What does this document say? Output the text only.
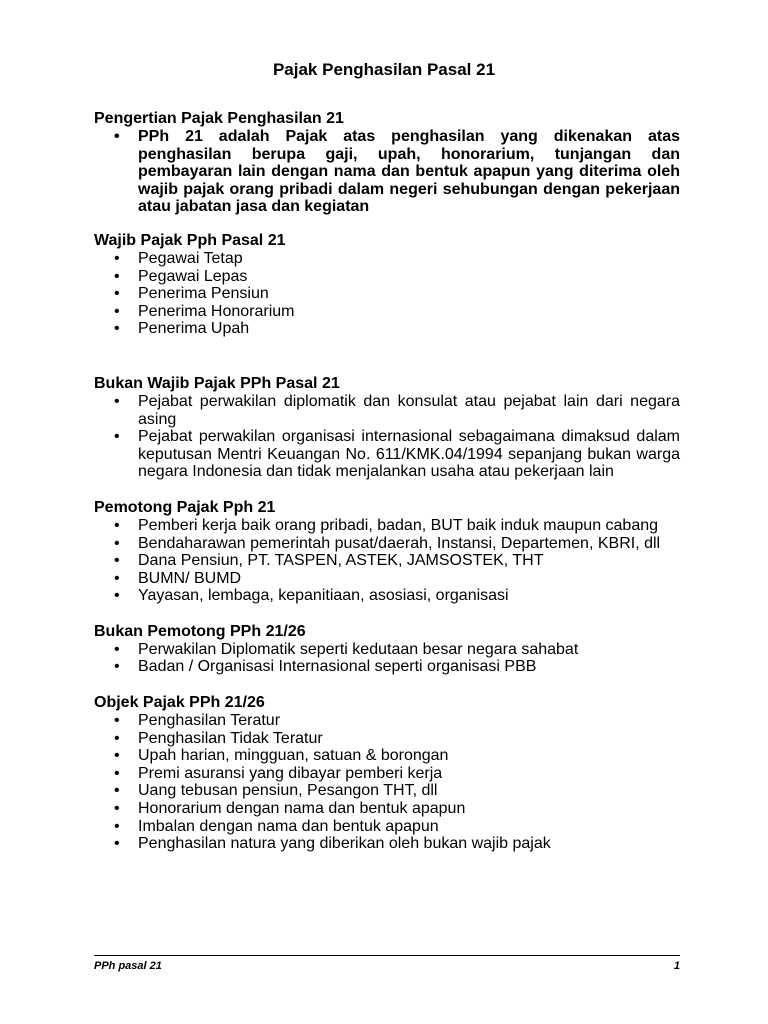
Pajak Penghasilan Pasal 21
Pengertian Pajak Penghasilan 21
• PPh 21 adalah Pajak atas penghasilan yang dikenakan atas penghasilan berupa gaji, upah, honorarium, tunjangan dan pembayaran lain dengan nama dan bentuk apapun yang diterima oleh wajib pajak orang pribadi dalam negeri sehubungan dengan pekerjaan atau jabatan jasa dan kegiatan
Wajib Pajak Pph Pasal 21
• Pegawai Tetap
• Pegawai Lepas
• Penerima Pensiun
• Penerima Honorarium
• Penerima Upah
Bukan Wajib Pajak PPh Pasal 21
• Pejabat perwakilan diplomatik dan konsulat atau pejabat lain dari negara asing
• Pejabat perwakilan organisasi internasional sebagaimana dimaksud dalam keputusan Mentri Keuangan No. 611/KMK.04/1994 sepanjang bukan warga negara Indonesia dan tidak menjalankan usaha atau pekerjaan lain
Pemotong Pajak Pph 21
• Pemberi kerja baik orang pribadi, badan, BUT baik induk maupun cabang
• Bendaharawan pemerintah pusat/daerah, Instansi, Departemen, KBRI, dll
• Dana Pensiun, PT. TASPEN, ASTEK, JAMSOSTEK, THT
• BUMN/ BUMD
• Yayasan, lembaga, kepanitiaan, asosiasi, organisasi
Bukan Pemotong PPh 21/26
• Perwakilan Diplomatik seperti kedutaan besar negara sahabat
• Badan / Organisasi Internasional seperti organisasi PBB
Objek Pajak PPh 21/26
• Penghasilan Teratur
• Penghasilan Tidak Teratur
• Upah harian, mingguan, satuan & borongan
• Premi asuransi yang dibayar pemberi kerja
• Uang tebusan pensiun, Pesangon THT, dll
• Honorarium dengan nama dan bentuk apapun
• Imbalan dengan nama dan bentuk apapun
• Penghasilan natura yang diberikan oleh bukan wajib pajak
PPh pasal 21	1
